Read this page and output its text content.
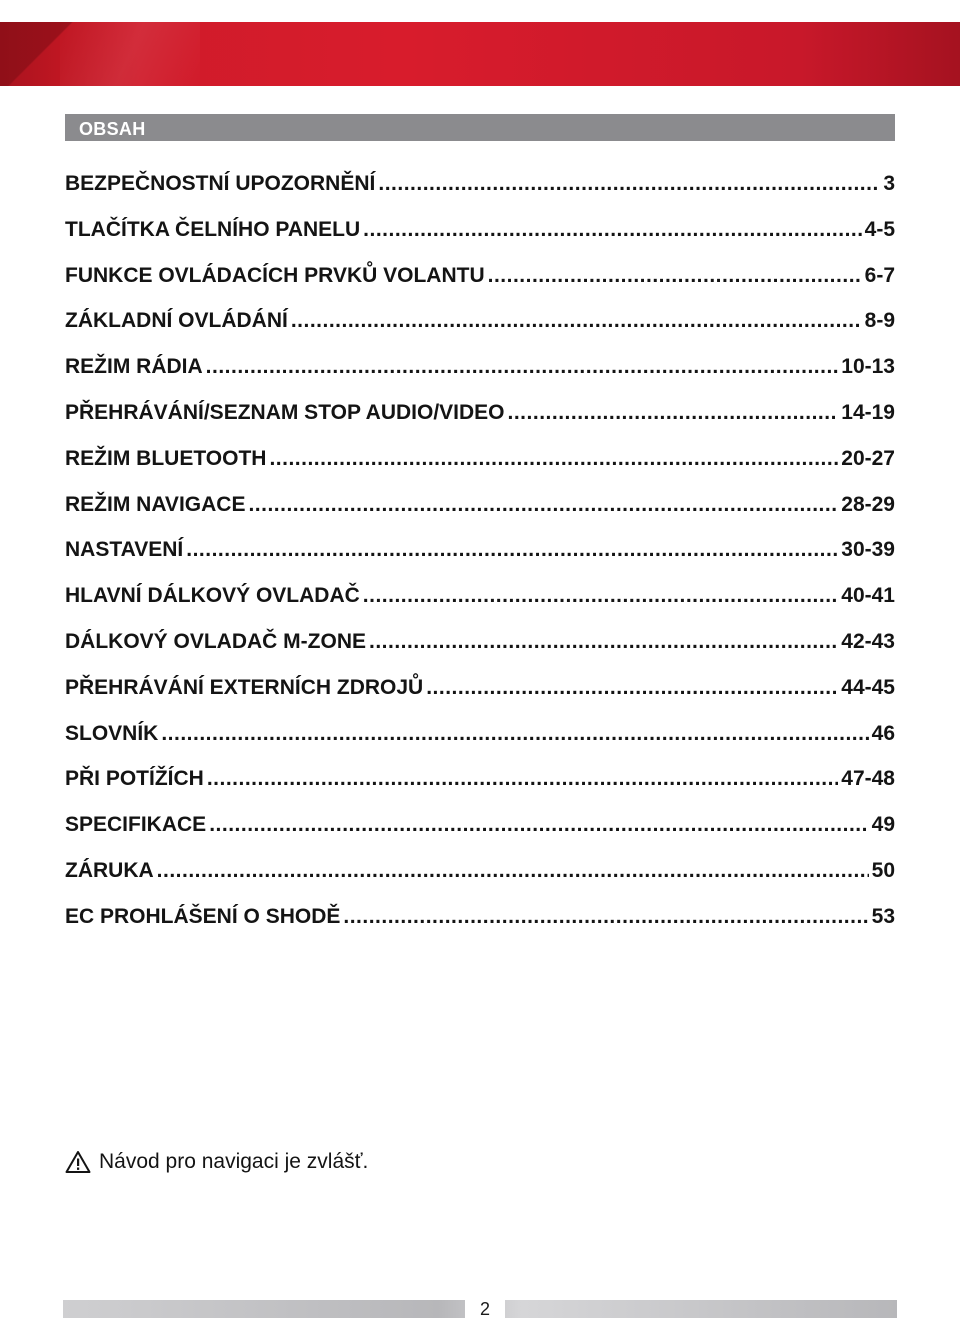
OBSAH
BEZPEČNOSTNÍ UPOZORNĚNÍ .....	3
TLAČÍTKA ČELNÍHO PANELU .....	4-5
FUNKCE OVLÁDACÍCH PRVKŮ VOLANTU .....	6-7
ZÁKLADNÍ OVLÁDÁNÍ .....	8-9
REŽIM RÁDIA .....	10-13
PŘEHRÁVÁNÍ/SEZNAM STOP AUDIO/VIDEO .....	14-19
REŽIM BLUETOOTH .....	20-27
REŽIM NAVIGACE .....	28-29
NASTAVENÍ .....	30-39
HLAVNÍ DÁLKOVÝ OVLADAČ .....	40-41
DÁLKOVÝ OVLADAČ M-ZONE .....	42-43
PŘEHRÁVÁNÍ EXTERNÍCH ZDROJŮ .....	44-45
SLOVNÍK .....	46
PŘI POTÍŽÍCH .....	47-48
SPECIFIKACE .....	49
ZÁRUKA .....	50
EC PROHLÁŠENÍ O SHODĚ .....	53
Návod pro navigaci je zvlášť.
2
